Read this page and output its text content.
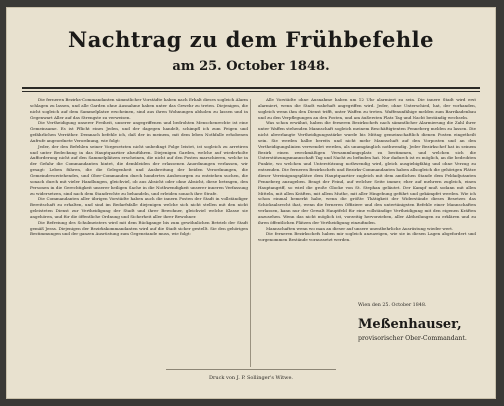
Nachtrag zu dem Frühbefehle
am 25. October 1848.

Die ferneren Bezirks-Commandanten sämmtlicher Vorstädte haben nach Erhalt dieses sogleich Alarm schlagen zu lassen, und alle Garden ohne Ausnahme haben unter das Gewehr zu treten. Diejenigen, die nicht sogleich auf dem Sammelplatze erscheinen, sind aus ihren Wohnungen abholen zu lassen und in Gegenwart Aller auf das Strengste zu verweisen.

Die Vertheidigung unserer Freiheit, unserer angegriffenen und bedrohten Menschenrechte ist eine Gemeinsame. Es ist Pflicht eines Jeden, und der dagegen handelt, schimpfl ich zum Feigen und gefährlichen Verräther. Demnach befehle ich, daß der in meinem, mit dem leben Nothfalle erhobenen Aufrufe angeordnete Verordnung, wie folgt:

Jeder, der den Befehlen seiner Vorgesetzten nicht unbedingt Folge leistet, ist sogleich zu arretiren und unter Bedeckung in das Hauptquartier abzuführen. Diejenigen Garden, welche auf wiederholte Aufforderung nicht auf den Sammelplätzen erscheinen, die nicht auf den Posten marschieren, welche in der Gefahr die Commandanten hintet, die dembleiden der erlassenen Anordnungen verlassen, wir gesagt: Leben führen, die die Gelegenheit und Ausbreitung der beiden Verordnungen, die Gemeindevorstehendes, und Ober-Commanden durch hundertes Ausbesorgen zu entstehen suchen, die sonach durch mit vieler Handlungen, gleichviel, ob aus Absicht oder ohne Absicht, diese betragen, den Personen in die Gerechtigkeit unserer heiligen Sache in die Nothwendigkeit unserer inneren Verfassung zu widersetzen, sind nach dem Standrechte zu behandeln, und erleiden sonach ihre Strafe.

Die Commandanten aller übrigen Vorstädte haben auch die innern Posten der Stadt in vollständiger Bereitschaft zu erhalten, und sind im Bedarfsfalle diejenigen welche sich nicht stellen mit den nicht geleisteten Dienst zur Vertheidigung der Stadt und ihrer Bewohner, gleichviel welche Klasse sie angehören, und für die öffentliche Ordnung und Sicherheit aller ihrer Bewohner.

Die Befreiung des Schulmeisters wird mit dem Rückgange bis zum gewöhnlichen Betrieb der Stadt gemäß Jeras. Diejenigen der Bezirkskommandanten wird auf die Stadt sicher gestellt. Sie den gehörigen Bestimmungen und der ganzen Ausrüstung zum Gegenstande muss, wie folgt:

Alle Vorstädte ohne Ausnahme haben um 12 Uhr alarmiert zu sein. Die innere Stadt wird erst alarmiert, wenn die Stadt wahrhaft angegriffen wird. Jeder, ohne Unterschied, hat, der vorhanden, sogleich wenn ihm den Dienst trifft, unter Waffen zu treten. Waffenunfähige melden zum Barrikadenbau und zu den Verpflegungen an den Posten, und am äußersten Platz Tag und Nacht beständig wechseln.

Was schon erwähnt, haben die ferneren Bezirkschefs nach sämmtlicher Alarmierung die Zahl ihrer unter Waffen stehenden Mannschaft sogleich meinem Beschäftigtenten Fenneberg melden zu lassen. Die nicht abverlangte Vertheidigungsstärke wurde bis Mittag gemeinschaftlich dienen Posten eingetheilt sein. Sie werden halbe bereits und nicht mehr Mannschaft auf den Vorposten und an den Vertheidigungslinien verwendet werden, als unumgänglich nothwendig. Jeder Bezirkschef hat in seinem Bezirk einen zweckmäßigen Versammlungsplatz zu bestimmen, und welchen sich die Unterstützungsmannschaft Tag und Nacht zu befinden hat. Nur dadurch ist es möglich, an die bedrohten Punkte, wo welchen und Unterstützung nothwendig wird, gleich ausgiebigfähig und ohne Verzug zu entsenden. Die ferneren Bezirkschefs und Bezirks-Commandanten haben allsogleich die gehörigen Plätze dieser Vereinigungsplätze dem Hauptquartier zugleich mit dem amtlichen Stande dem Feldadjutanten Fenneberg anzugeben. Beagt der Feind, auf welcher Seite immer, eher auf mehrern zugleich, einen Hauptangriff, so wird die große Glocke von St. Stephan geläutet. Der Kampf muß sodann mit allen Mitteln, mit allen Kräften, mit allem Muthe, mit aller Hingebung geführt und gekämpfet werden. Wie ich schon einmal bemerkt habe, wenn die größte Thätigkeit der Widerstände dieses Besetzes das Schicksalsrecht ihat, wenn die ferneren Offiziere und den untertänigsten Befehle einer Mannschaften verlassen, kann nur der Gewalt Hauptfeld für eine vollständige Vertheidigung mit den eigenen Kräften anzusehen. Wenn das nicht möglich ist, vorzeitig hervorzieben, aller Abtheilungen zu erklären und zu ihren öffentlichen Plätzen der Vertheidigung einzufinden.

Mannschaften wenn wo man an dieser auf unsere unentbehrliche Ausrüstung wieder wert.

Die ferneren Bezirkschefs haben mir sogleich anzuzeigen, wie sie in diesen Lagen abgefordert und vorgenommen Bestände voraussetzt werden.

Wien den 25. October 1848.
Meßenhauser,
provisorischer Ober-Commandant.
Druck von J. P. Sollinger's Witwe.
